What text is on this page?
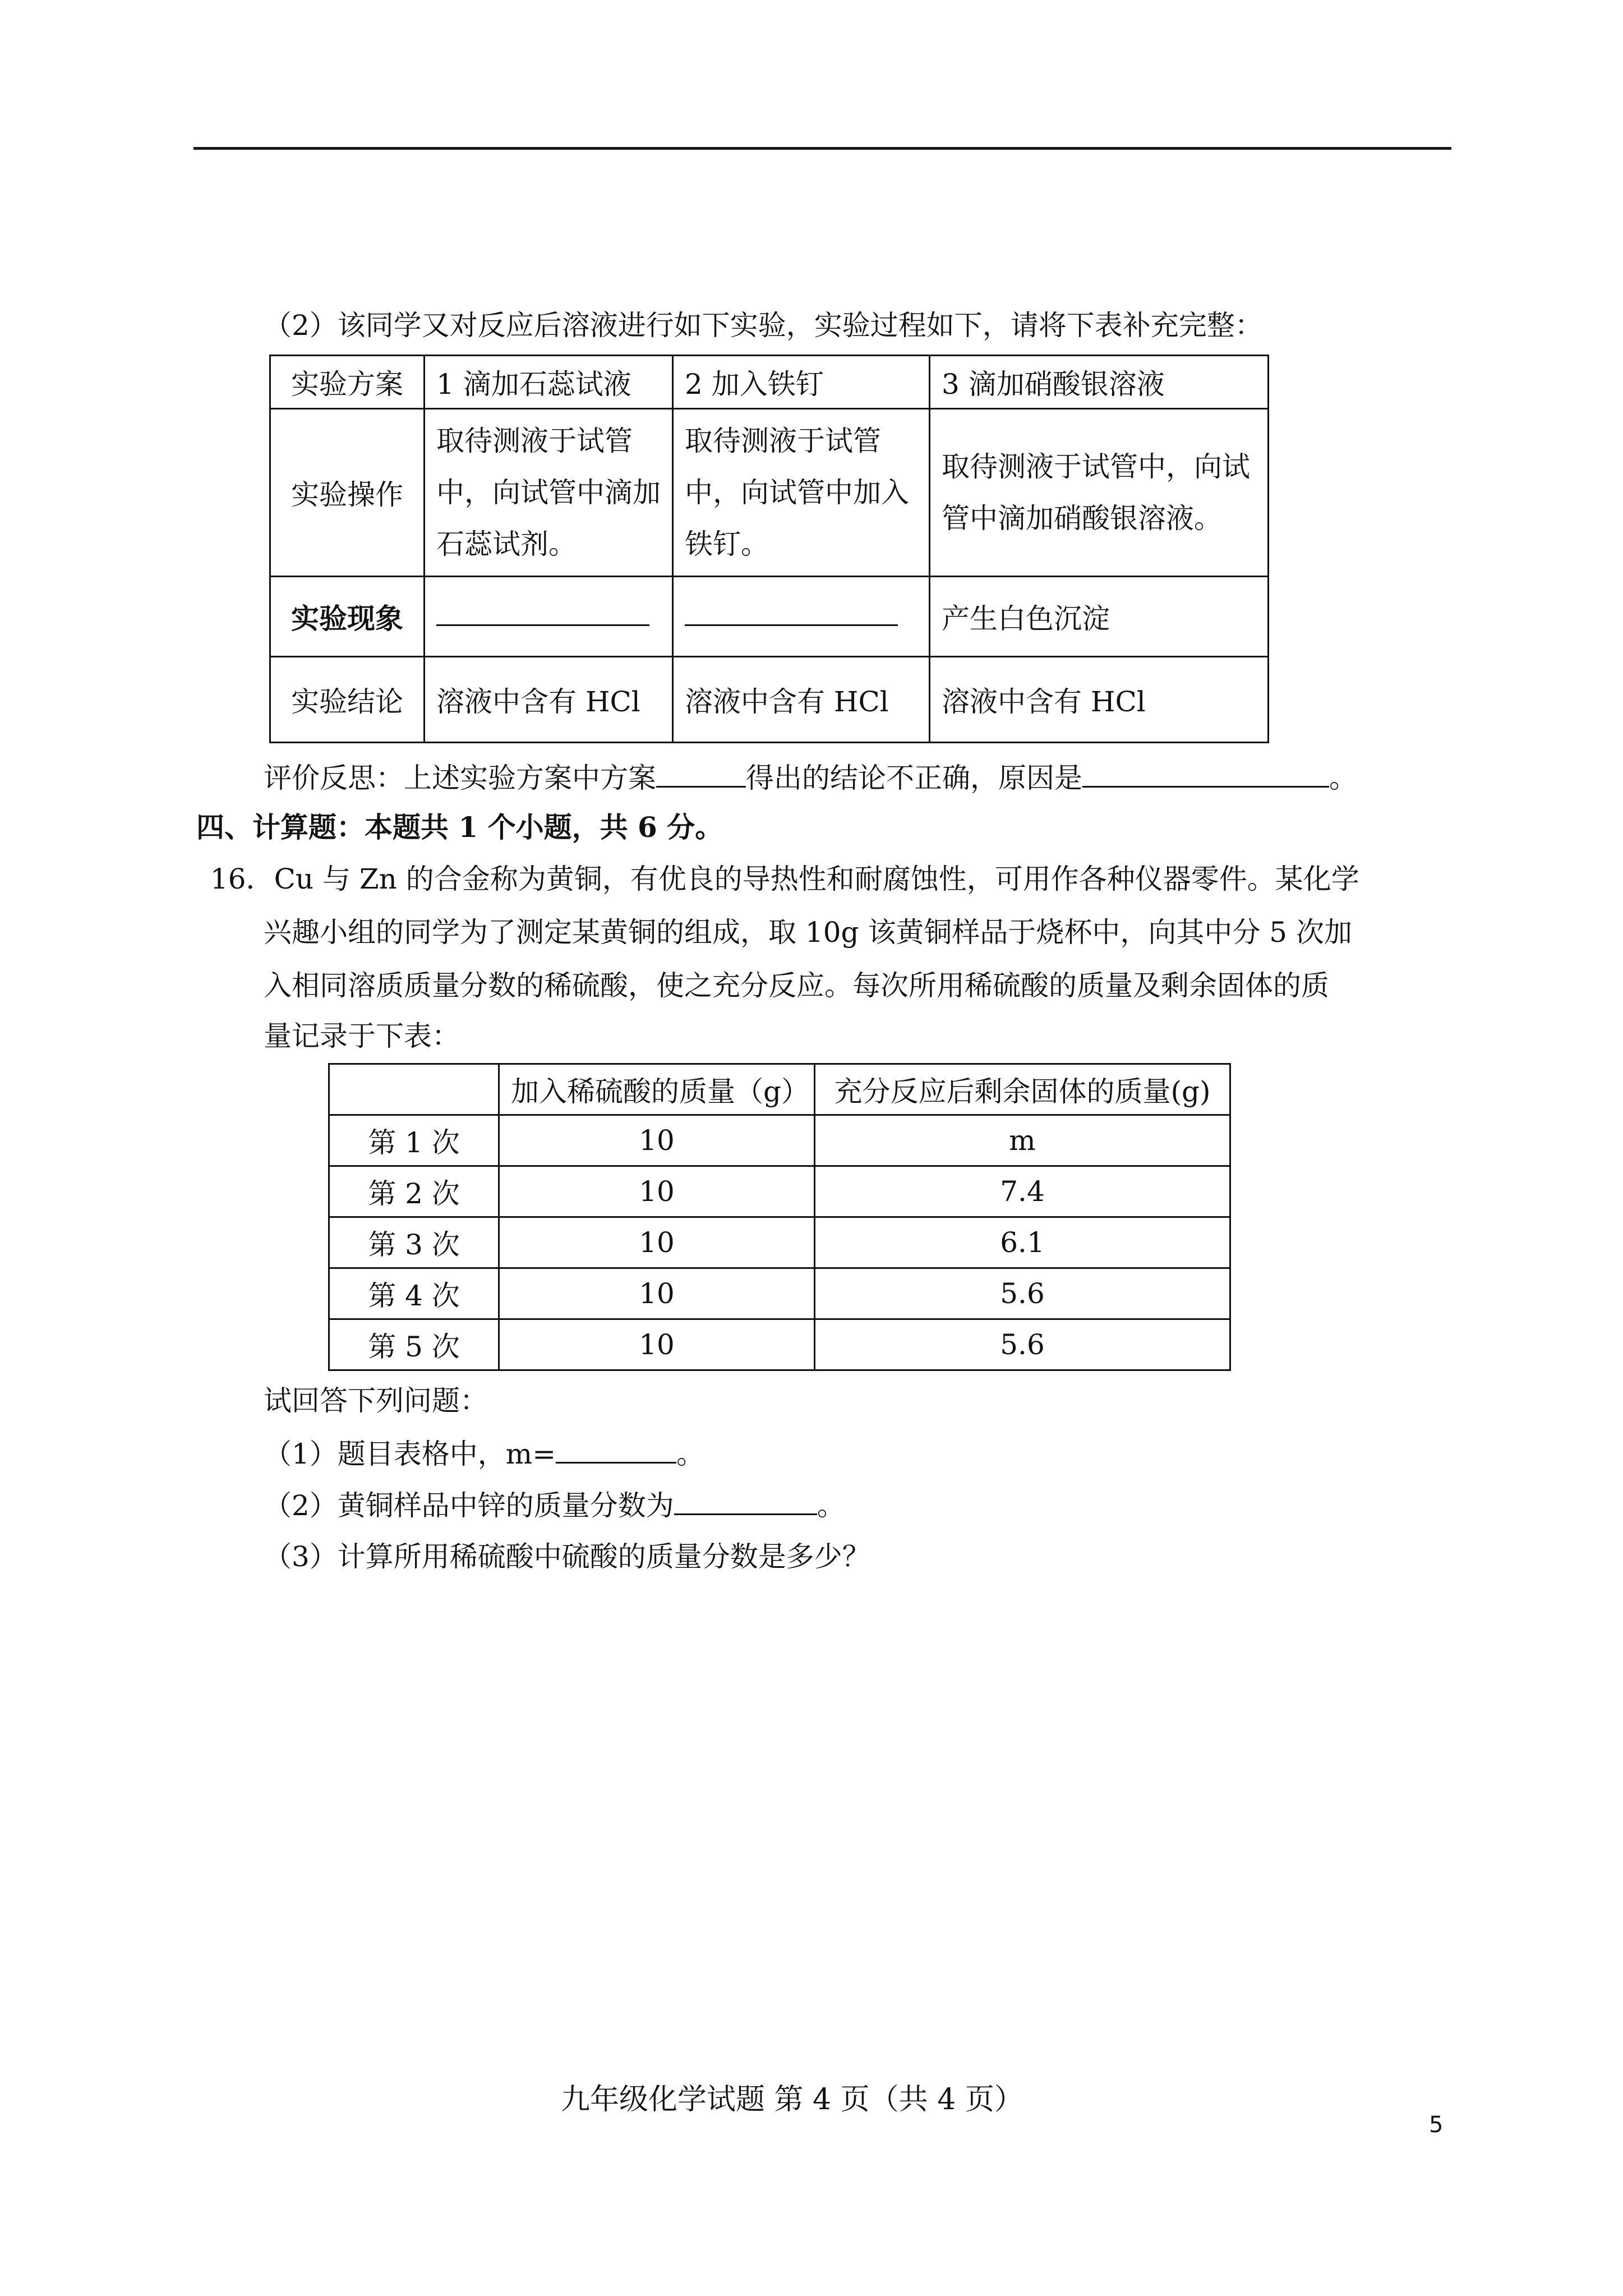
（2）该同学又对反应后溶液进行如下实验，实验过程如下，请将下表补充完整：
实验方案	1 滴加石蕊试液	2 加入铁钉	3 滴加硝酸银溶液
实验操作	取待测液于试管中，向试管中滴加石蕊试剂。	取待测液于试管中，向试管中加入铁钉。	取待测液于试管中，向试管中滴加硝酸银溶液。
实验现象			产生白色沉淀
实验结论	溶液中含有 HCl	溶液中含有 HCl	溶液中含有 HCl
评价反思：上述实验方案中方案	得出的结论不正确，原因是	。
四、计算题：本题共 1 个小题，共 6 分。
16．Cu 与 Zn 的合金称为黄铜，有优良的导热性和耐腐蚀性，可用作各种仪器零件。某化学
兴趣小组的同学为了测定某黄铜的组成，取 10g 该黄铜样品于烧杯中，向其中分 5 次加
入相同溶质质量分数的稀硫酸，使之充分反应。每次所用稀硫酸的质量及剩余固体的质
量记录于下表：
	加入稀硫酸的质量（g）	充分反应后剩余固体的质量(g)
第 1 次	10	m
第 2 次	10	7.4
第 3 次	10	6.1
第 4 次	10	5.6
第 5 次	10	5.6
试回答下列问题：
（1）题目表格中，m=	。
（2）黄铜样品中锌的质量分数为	。
（3）计算所用稀硫酸中硫酸的质量分数是多少？
九年级化学试题 第 4 页（共 4 页）
5
